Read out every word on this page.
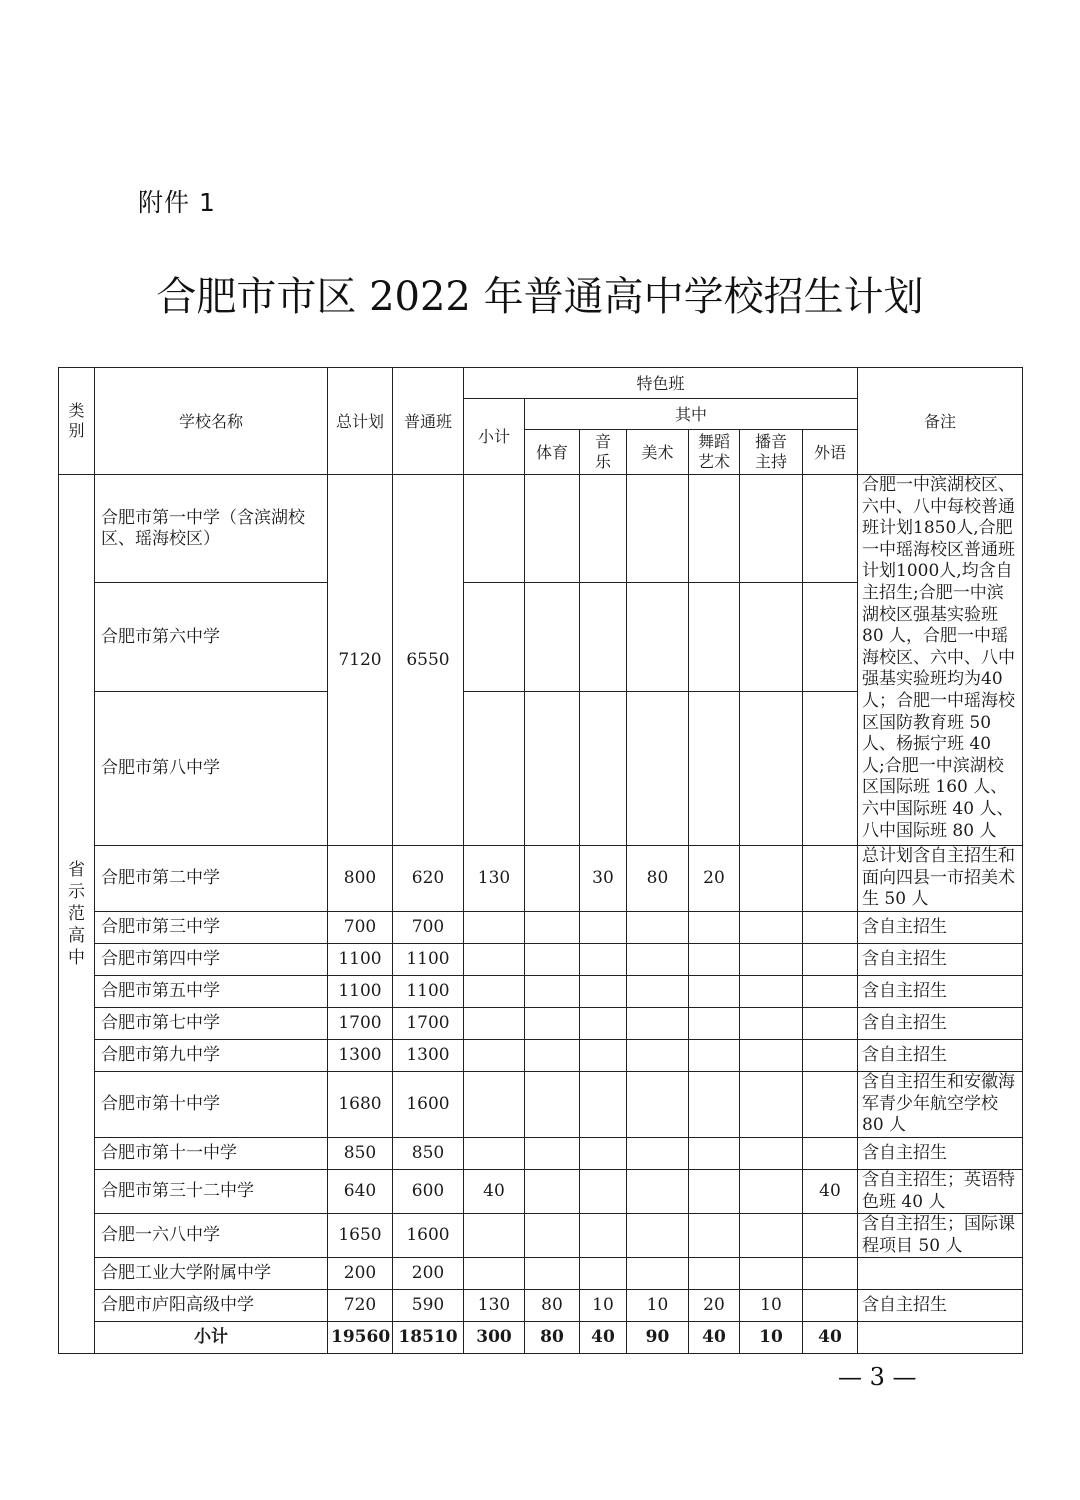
附件 1
合肥市市区 2022 年普通高中学校招生计划
类别	学校名称	总计划	普通班	特色班							备注
				小计	其中						
					体育	音乐	美术	舞蹈艺术	播音主持	外语	
省示范高中	合肥市第一中学（含滨湖校区、瑶海校区）	7120	6550								合肥一中滨湖校区、六中、八中每校普通班计划1850人,合肥一中瑶海校区普通班计划1000人,均含自主招生;合肥一中滨湖校区强基实验班 80 人，合肥一中瑶海校区、六中、八中强基实验班均为40 人；合肥一中瑶海校区国防教育班 50 人、杨振宁班 40 人;合肥一中滨湖校区国际班 160 人、六中国际班 40 人、八中国际班 80 人
	合肥市第六中学										
	合肥市第八中学										
	合肥市第二中学	800	620	130		30	80	20			总计划含自主招生和面向四县一市招美术生 50 人
	合肥市第三中学	700	700								含自主招生
	合肥市第四中学	1100	1100								含自主招生
	合肥市第五中学	1100	1100								含自主招生
	合肥市第七中学	1700	1700								含自主招生
	合肥市第九中学	1300	1300								含自主招生
	合肥市第十中学	1680	1600								含自主招生和安徽海军青少年航空学校 80 人
	合肥市第十一中学	850	850								含自主招生
	合肥市第三十二中学	640	600	40						40	含自主招生；英语特色班 40 人
	合肥一六八中学	1650	1600								含自主招生；国际课程项目 50 人
	合肥工业大学附属中学	200	200								
	合肥市庐阳高级中学	720	590	130	80	10	10	20	10		含自主招生
	小计	19560	18510	300	80	40	90	40	10	40	
— 3 —
